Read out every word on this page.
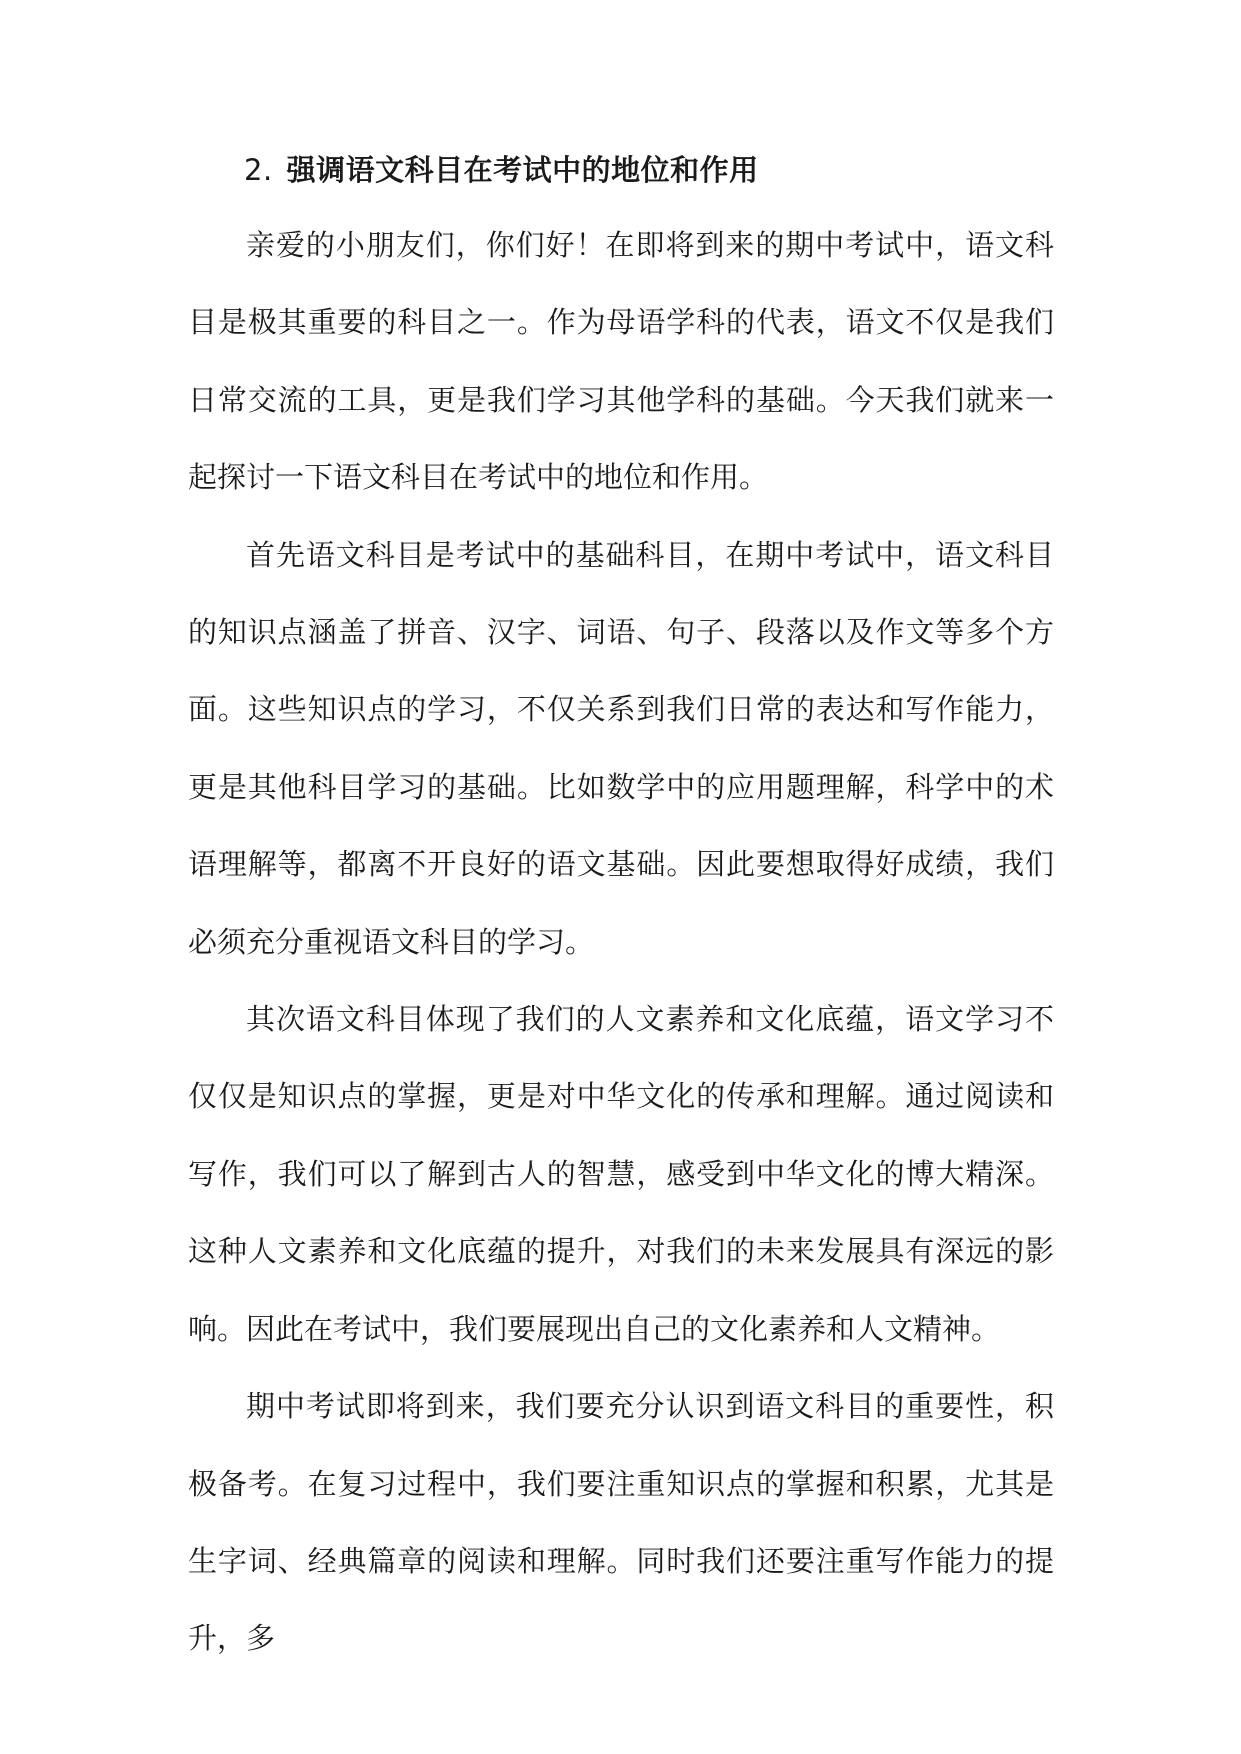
2. 强调语文科目在考试中的地位和作用

亲爱的小朋友们，你们好！在即将到来的期中考试中，语文科目是极其重要的科目之一。作为母语学科的代表，语文不仅是我们日常交流的工具，更是我们学习其他学科的基础。今天我们就来一起探讨一下语文科目在考试中的地位和作用。

首先语文科目是考试中的基础科目，在期中考试中，语文科目的知识点涵盖了拼音、汉字、词语、句子、段落以及作文等多个方面。这些知识点的学习，不仅关系到我们日常的表达和写作能力，更是其他科目学习的基础。比如数学中的应用题理解，科学中的术语理解等，都离不开良好的语文基础。因此要想取得好成绩，我们必须充分重视语文科目的学习。

其次语文科目体现了我们的人文素养和文化底蕴，语文学习不仅仅是知识点的掌握，更是对中华文化的传承和理解。通过阅读和写作，我们可以了解到古人的智慧，感受到中华文化的博大精深。这种人文素养和文化底蕴的提升，对我们的未来发展具有深远的影响。因此在考试中，我们要展现出自己的文化素养和人文精神。

期中考试即将到来，我们要充分认识到语文科目的重要性，积极备考。在复习过程中，我们要注重知识点的掌握和积累，尤其是生字词、经典篇章的阅读和理解。同时我们还要注重写作能力的提升，多
